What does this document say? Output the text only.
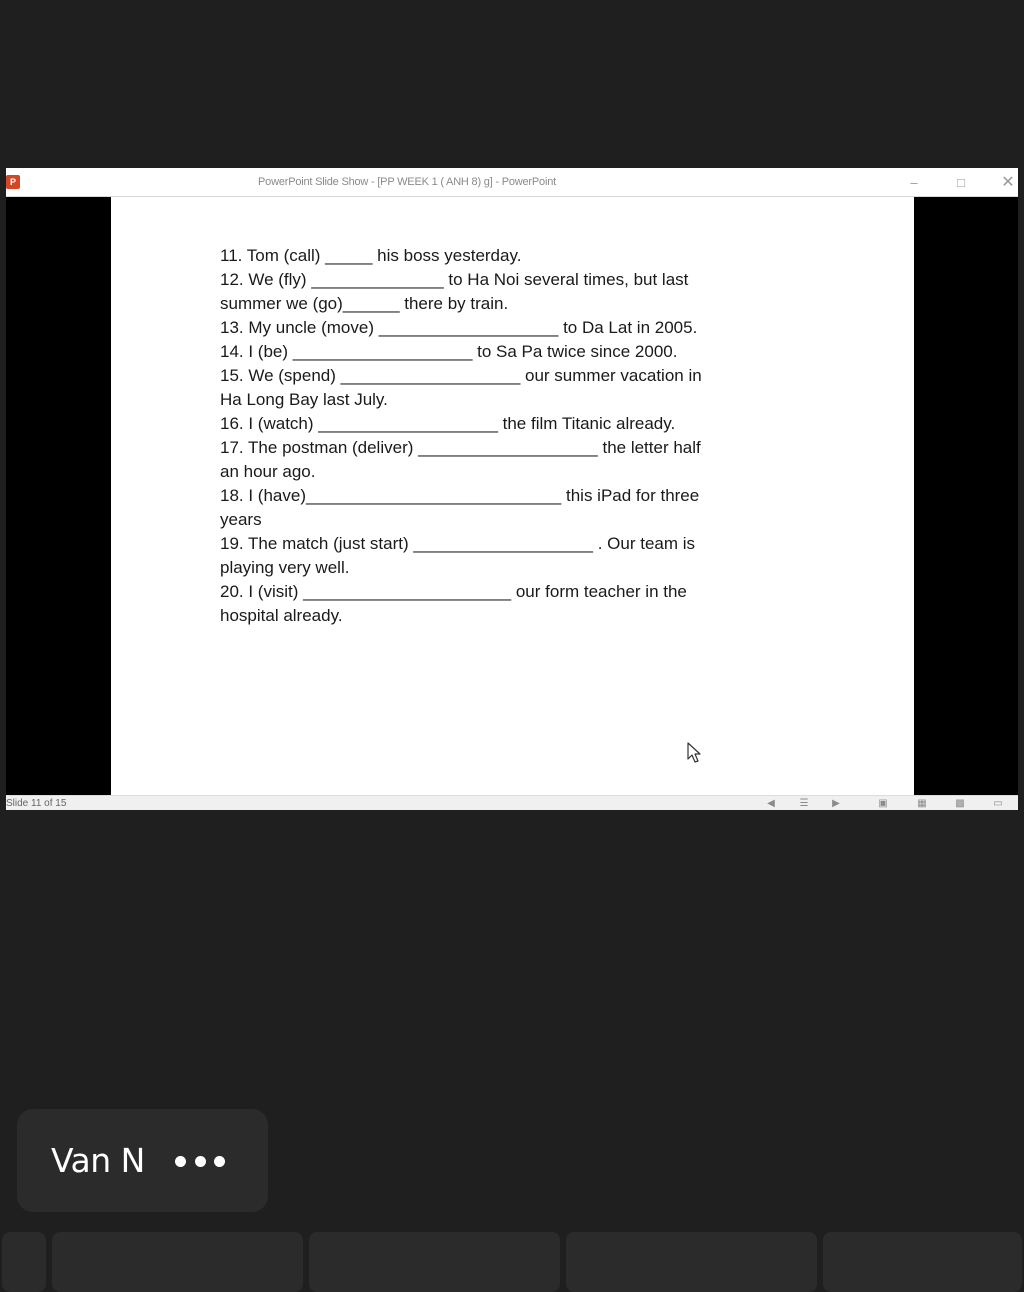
P	PowerPoint Slide Show - [PP WEEK 1 ( ANH 8) g] - PowerPoint	–	□	✕

11. Tom (call) _____ his boss yesterday.

12. We (fly) ______________ to Ha Noi several times, but last

summer we (go)______ there by train.

13. My uncle (move) ___________________ to Da Lat in 2005.

14. I (be) ___________________ to Sa Pa twice since 2000.

15. We (spend) ___________________ our summer vacation in

Ha Long Bay last July.

16. I (watch) ___________________ the film Titanic already.

17. The postman (deliver) ___________________ the letter half

an hour ago.

18. I (have)___________________________ this iPad for three

years

19. The match (just start) ___________________ . Our team is

playing very well.

20. I (visit) ______________________ our form teacher in the

hospital already.

Slide 11 of 15	◀	☰	▶	▣	▦	▩	▭
Van N
